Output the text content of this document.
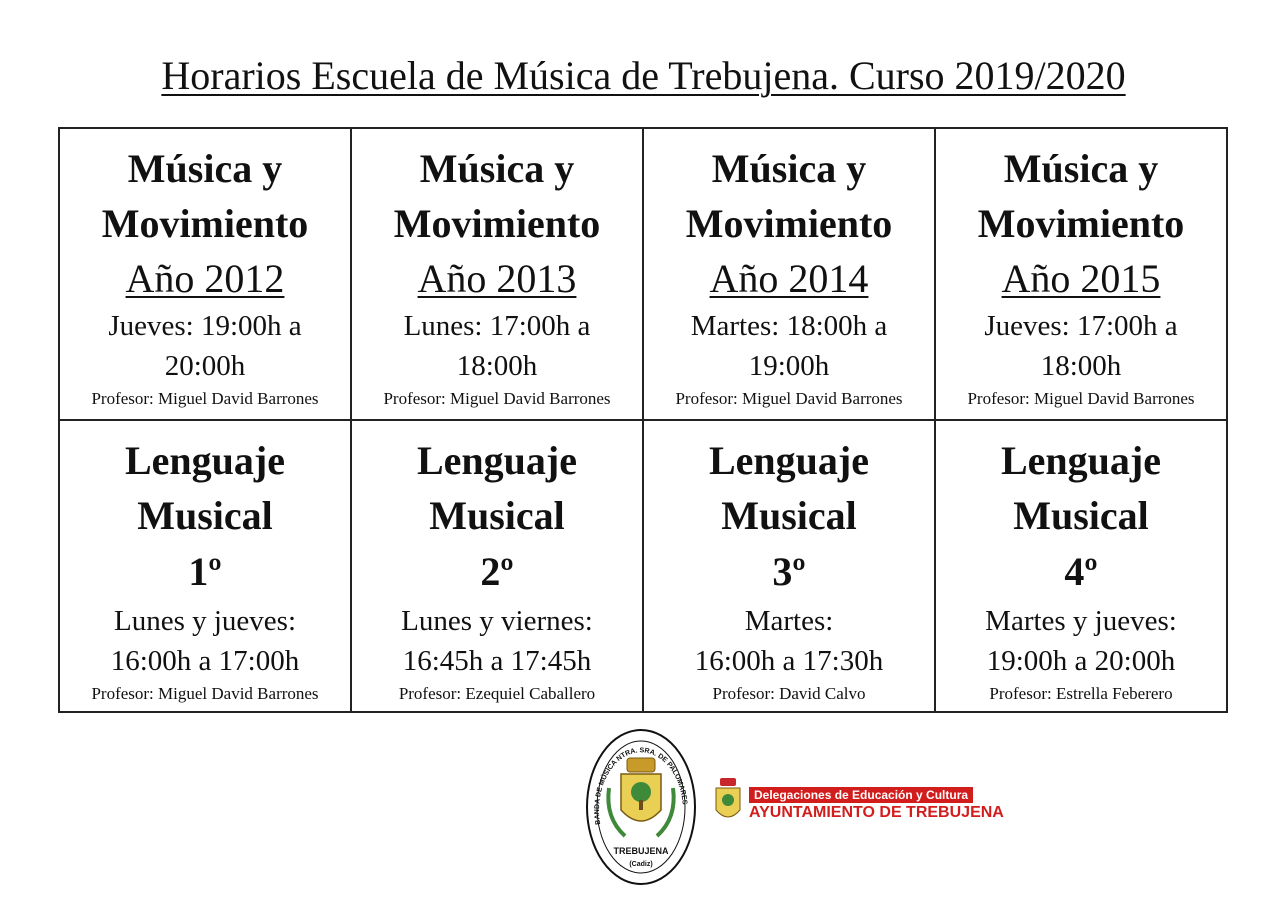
Horarios Escuela de Música de Trebujena. Curso 2019/2020
Música y
Movimiento
Año 2012
Jueves: 19:00h a
20:00h
Profesor: Miguel David Barrones
Música y
Movimiento
Año 2013
Lunes: 17:00h a
18:00h
Profesor: Miguel David Barrones
Música y
Movimiento
Año 2014
Martes: 18:00h a
19:00h
Profesor: Miguel David Barrones
Música y
Movimiento
Año 2015
Jueves: 17:00h a
18:00h
Profesor: Miguel David Barrones
Lenguaje
Musical
1º
Lunes y jueves:
16:00h a 17:00h
Profesor: Miguel David Barrones
Lenguaje
Musical
2º
Lunes y viernes:
16:45h a 17:45h
Profesor: Ezequiel Caballero
Lenguaje
Musical
3º
Martes:
16:00h a 17:30h
Profesor: David Calvo
Lenguaje
Musical
4º
Martes y jueves:
19:00h a 20:00h
Profesor: Estrella Feberero
BANDA DE MÚSICA NTRA. SRA. DE PALOMARES
TREBUJENA
(Cadiz)
Delegaciones de Educación y Cultura
AYUNTAMIENTO DE TREBUJENA
